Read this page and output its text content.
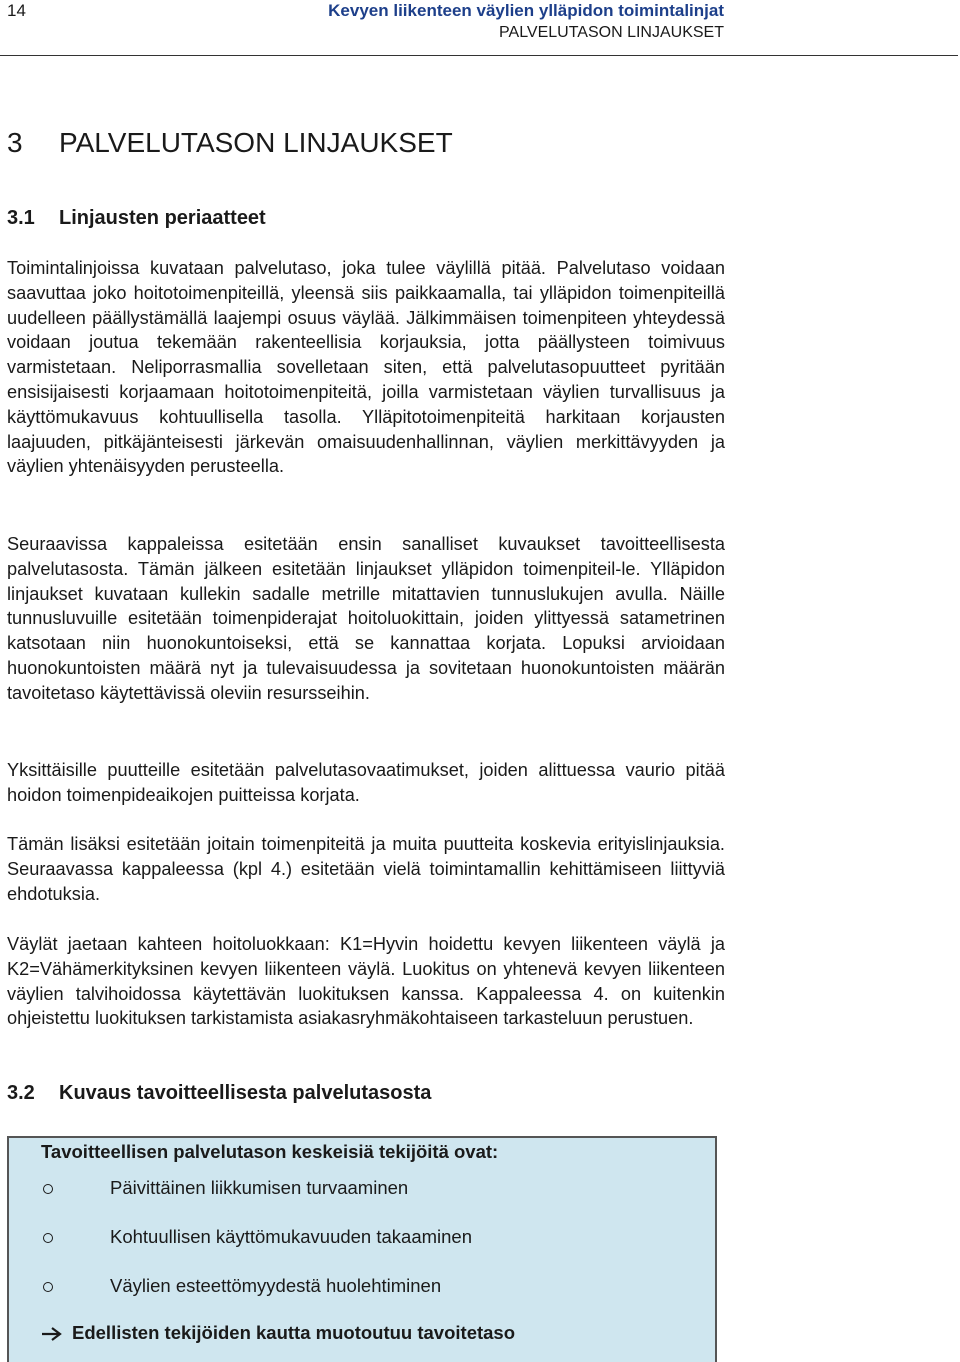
14	Kevyen liikenteen väylien ylläpidon toimintalinjat
PALVELUTASON LINJAUKSET
3 PALVELUTASON LINJAUKSET
3.1 Linjausten periaatteet

Toimintalinjoissa kuvataan palvelutaso, joka tulee väylillä pitää. Palvelutaso voidaan saavuttaa joko hoitotoimenpiteillä, yleensä siis paikkaamalla, tai ylläpidon toimenpiteillä uudelleen päällystämällä laajempi osuus väylää. Jälkimmäisen toimenpiteen yhteydessä voidaan joutua tekemään rakenteellisia korjauksia, jotta päällysteen toimivuus varmistetaan. Neliporrasmallia sovelletaan siten, että palvelutasopuutteet pyritään ensisijaisesti korjaamaan hoitotoimenpiteitä, joilla varmistetaan väylien turvallisuus ja käyttömukavuus kohtuullisella tasolla. Ylläpitotoimenpiteitä harkitaan korjausten laajuuden, pitkäjänteisesti järkevän omaisuudenhallinnan, väylien merkittävyyden ja väylien yhtenäisyyden perusteella.

Seuraavissa kappaleissa esitetään ensin sanalliset kuvaukset tavoitteellisesta palvelutasosta. Tämän jälkeen esitetään linjaukset ylläpidon toimenpiteil-le. Ylläpidon linjaukset kuvataan kullekin sadalle metrille mitattavien tunnuslukujen avulla. Näille tunnusluvuille esitetään toimenpiderajat hoitoluokittain, joiden ylittyessä satametrinen katsotaan niin huonokuntoiseksi, että se kannattaa korjata. Lopuksi arvioidaan huonokuntoisten määrä nyt ja tulevaisuudessa ja sovitetaan huonokuntoisten määrän tavoitetaso käytettävissä oleviin resursseihin.

Yksittäisille puutteille esitetään palvelutasovaatimukset, joiden alittuessa vaurio pitää hoidon toimenpideaikojen puitteissa korjata.

Tämän lisäksi esitetään joitain toimenpiteitä ja muita puutteita koskevia erityislinjauksia. Seuraavassa kappaleessa (kpl 4.) esitetään vielä toimintamallin kehittämiseen liittyviä ehdotuksia.

Väylät jaetaan kahteen hoitoluokkaan: K1=Hyvin hoidettu kevyen liikenteen väylä ja K2=Vähämerkityksinen kevyen liikenteen väylä. Luokitus on yhtenevä kevyen liikenteen väylien talvihoidossa käytettävän luokituksen kanssa. Kappaleessa 4. on kuitenkin ohjeistettu luokituksen tarkistamista asiakasryhmäkohtaiseen tarkasteluun perustuen.

3.2 Kuvaus tavoitteellisesta palvelutasosta
Tavoitteellisen palvelutason keskeisiä tekijöitä ovat:
Päivittäinen liikkumisen turvaaminen
Kohtuullisen käyttömukavuuden takaaminen
Väylien esteettömyydestä huolehtiminen
Edellisten tekijöiden kautta muotoutuu tavoitetaso
